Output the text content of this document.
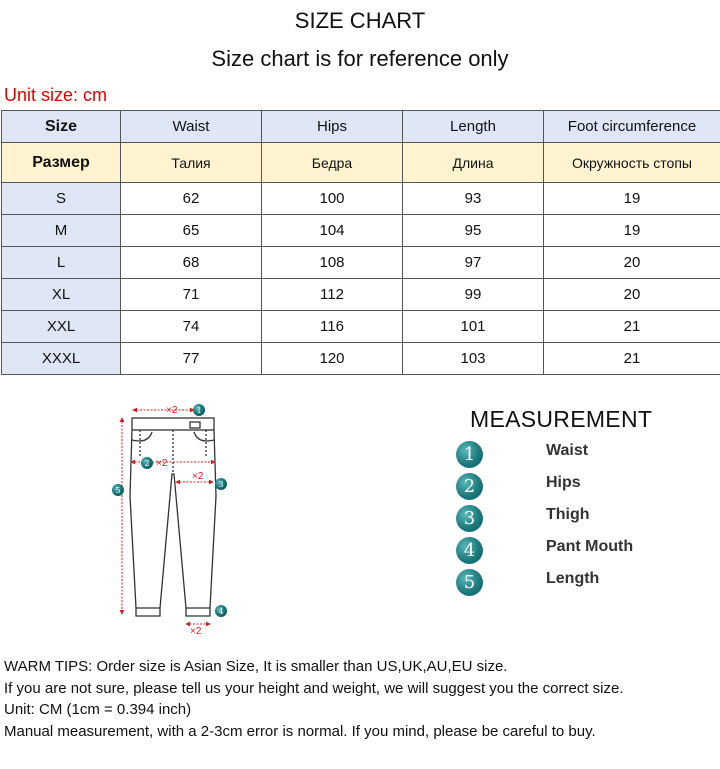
SIZE CHART
Size chart is for reference only
Unit size: cm
Size	Waist	Hips	Length	Foot circumference
Размер	Талия	Бедра	Длина	Окружность стопы
S	62	100	93	19
M	65	104	95	19
L	68	108	97	20
XL	71	112	99	20
XXL	74	116	101	21
XXXL	77	120	103	21
×2
×2
×2
×2
1
2
3
4
5
MEASUREMENT
1	Waist
2	Hips
3	Thigh
4	Pant Mouth
5	Length
WARM TIPS: Order size is Asian Size, It is smaller than US,UK,AU,EU size.
If you are not sure, please tell us your height and weight, we will suggest you the correct size.
Unit: CM (1cm = 0.394 inch)
Manual measurement, with a 2-3cm error is normal. If you mind, please be careful to buy.
